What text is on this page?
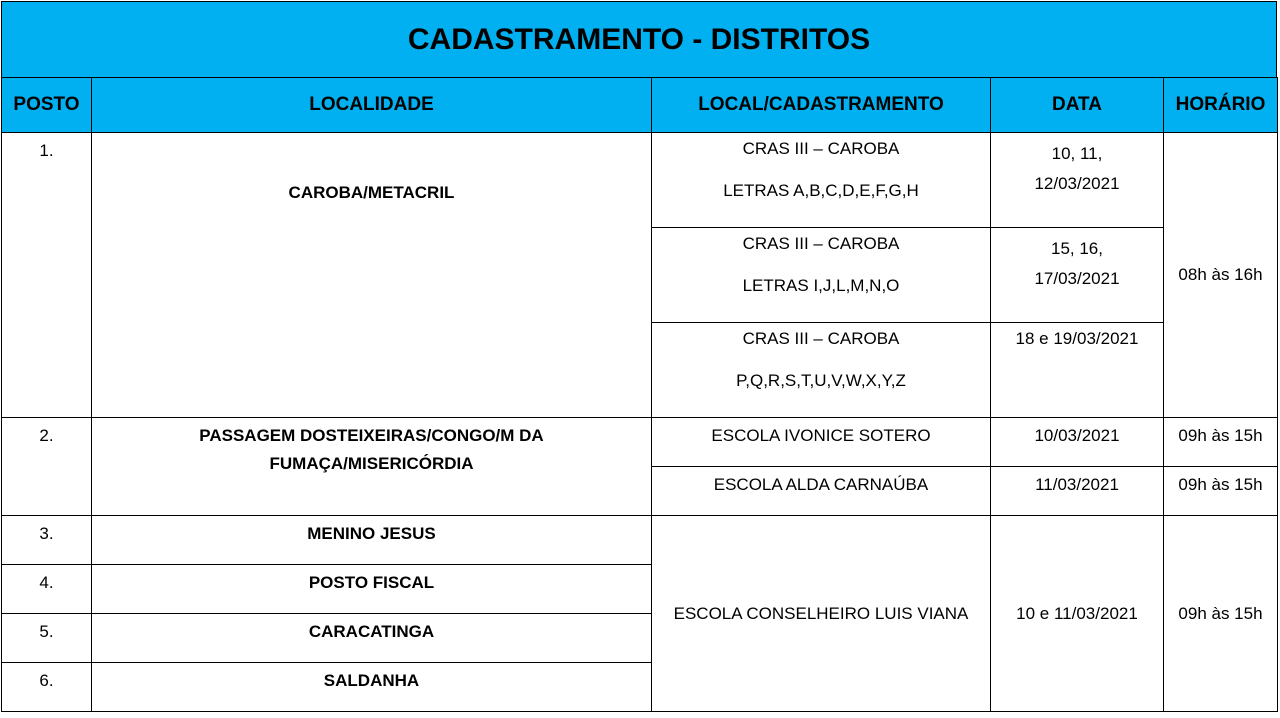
CADASTRAMENTO - DISTRITOS
POSTO	LOCALIDADE	LOCAL/CADASTRAMENTO	DATA	HORÁRIO

1.	CAROBA/METACRIL	CRAS III – CAROBA
LETRAS A,B,C,D,E,F,G,H	10, 11,
12/03/2021	08h às 16h

		CRAS III – CAROBA
LETRAS I,J,L,M,N,O	15, 16,
17/03/2021	

		CRAS III – CAROBA
P,Q,R,S,T,U,V,W,X,Y,Z	18 e 19/03/2021	

2.	PASSAGEM DOSTEIXEIRAS/CONGO/M DA
FUMAÇA/MISERICÓRDIA	ESCOLA IVONICE SOTERO	10/03/2021	09h às 15h

		ESCOLA ALDA CARNAÚBA	11/03/2021	09h às 15h

3.	MENINO JESUS	ESCOLA CONSELHEIRO LUIS VIANA	10 e 11/03/2021	09h às 15h

4.	POSTO FISCAL			

5.	CARACATINGA			

6.	SALDANHA			
